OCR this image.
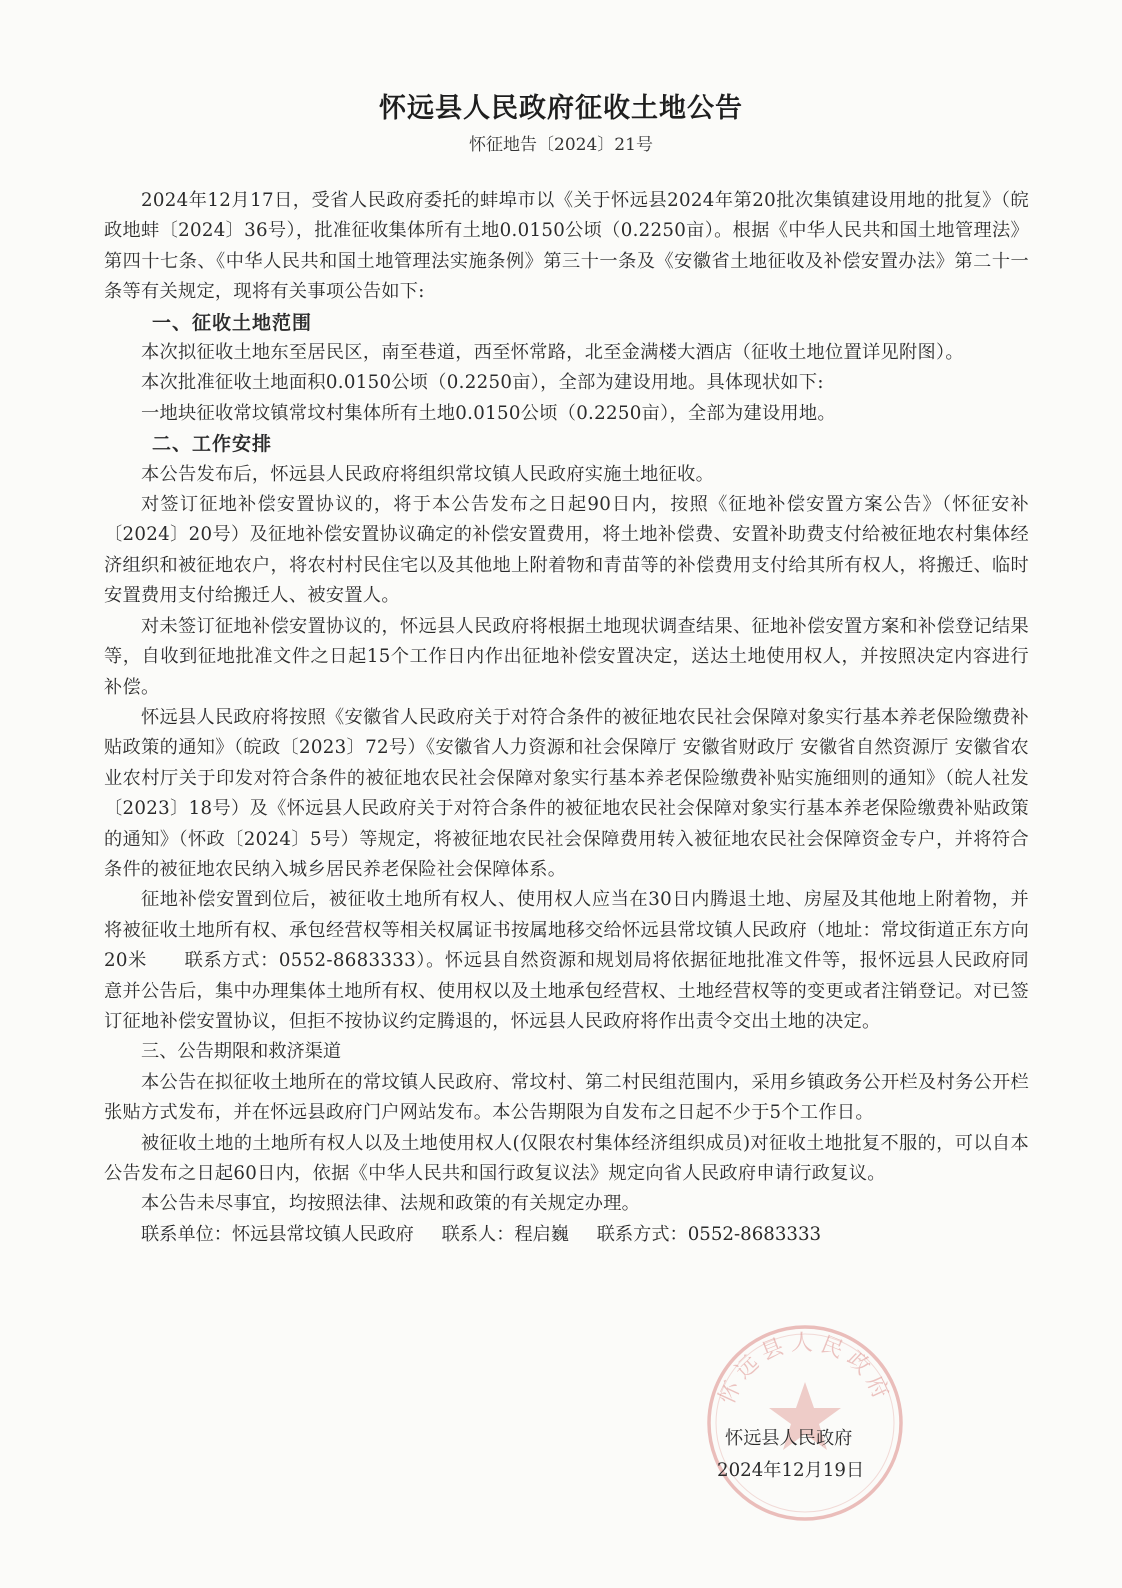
怀远县人民政府征收土地公告
怀征地告〔2024〕21号

2024年12月17日，受省人民政府委托的蚌埠市以《关于怀远县2024年第20批次集镇建设用地的批复》（皖政地蚌〔2024〕36号），批准征收集体所有土地0.0150公顷（0.2250亩）。根据《中华人民共和国土地管理法》第四十七条、《中华人民共和国土地管理法实施条例》第三十一条及《安徽省土地征收及补偿安置办法》第二十一条等有关规定，现将有关事项公告如下:

一、征收土地范围

本次拟征收土地东至居民区，南至巷道，西至怀常路，北至金满楼大酒店（征收土地位置详见附图）。

本次批准征收土地面积0.0150公顷（0.2250亩），全部为建设用地。具体现状如下:

一地块征收常坟镇常坟村集体所有土地0.0150公顷（0.2250亩），全部为建设用地。

二、工作安排

本公告发布后，怀远县人民政府将组织常坟镇人民政府实施土地征收。

对签订征地补偿安置协议的，将于本公告发布之日起90日内，按照《征地补偿安置方案公告》（怀征安补〔2024〕20号）及征地补偿安置协议确定的补偿安置费用，将土地补偿费、安置补助费支付给被征地农村集体经济组织和被征地农户，将农村村民住宅以及其他地上附着物和青苗等的补偿费用支付给其所有权人，将搬迁、临时安置费用支付给搬迁人、被安置人。

对未签订征地补偿安置协议的，怀远县人民政府将根据土地现状调查结果、征地补偿安置方案和补偿登记结果等，自收到征地批准文件之日起15个工作日内作出征地补偿安置决定，送达土地使用权人，并按照决定内容进行补偿。

怀远县人民政府将按照《安徽省人民政府关于对符合条件的被征地农民社会保障对象实行基本养老保险缴费补贴政策的通知》（皖政〔2023〕72号）《安徽省人力资源和社会保障厅 安徽省财政厅 安徽省自然资源厅 安徽省农业农村厅关于印发对符合条件的被征地农民社会保障对象实行基本养老保险缴费补贴实施细则的通知》（皖人社发〔2023〕18号）及《怀远县人民政府关于对符合条件的被征地农民社会保障对象实行基本养老保险缴费补贴政策的通知》（怀政〔2024〕5号）等规定，将被征地农民社会保障费用转入被征地农民社会保障资金专户，并将符合条件的被征地农民纳入城乡居民养老保险社会保障体系。

征地补偿安置到位后，被征收土地所有权人、使用权人应当在30日内腾退土地、房屋及其他地上附着物，并将被征收土地所有权、承包经营权等相关权属证书按属地移交给怀远县常坟镇人民政府（地址：常坟街道正东方向20米　　联系方式：0552-8683333）。怀远县自然资源和规划局将依据征地批准文件等，报怀远县人民政府同意并公告后，集中办理集体土地所有权、使用权以及土地承包经营权、土地经营权等的变更或者注销登记。对已签订征地补偿安置协议，但拒不按协议约定腾退的，怀远县人民政府将作出责令交出土地的决定。

三、公告期限和救济渠道

本公告在拟征收土地所在的常坟镇人民政府、常坟村、第二村民组范围内，采用乡镇政务公开栏及村务公开栏张贴方式发布，并在怀远县政府门户网站发布。本公告期限为自发布之日起不少于5个工作日。

被征收土地的土地所有权人以及土地使用权人(仅限农村集体经济组织成员)对征收土地批复不服的，可以自本公告发布之日起60日内，依据《中华人民共和国行政复议法》规定向省人民政府申请行政复议。

本公告未尽事宜，均按照法律、法规和政策的有关规定办理。

联系单位：怀远县常坟镇人民政府 联系人：程启巍 联系方式：0552-8683333

怀远县人民政府
怀远县人民政府
2024年12月19日
